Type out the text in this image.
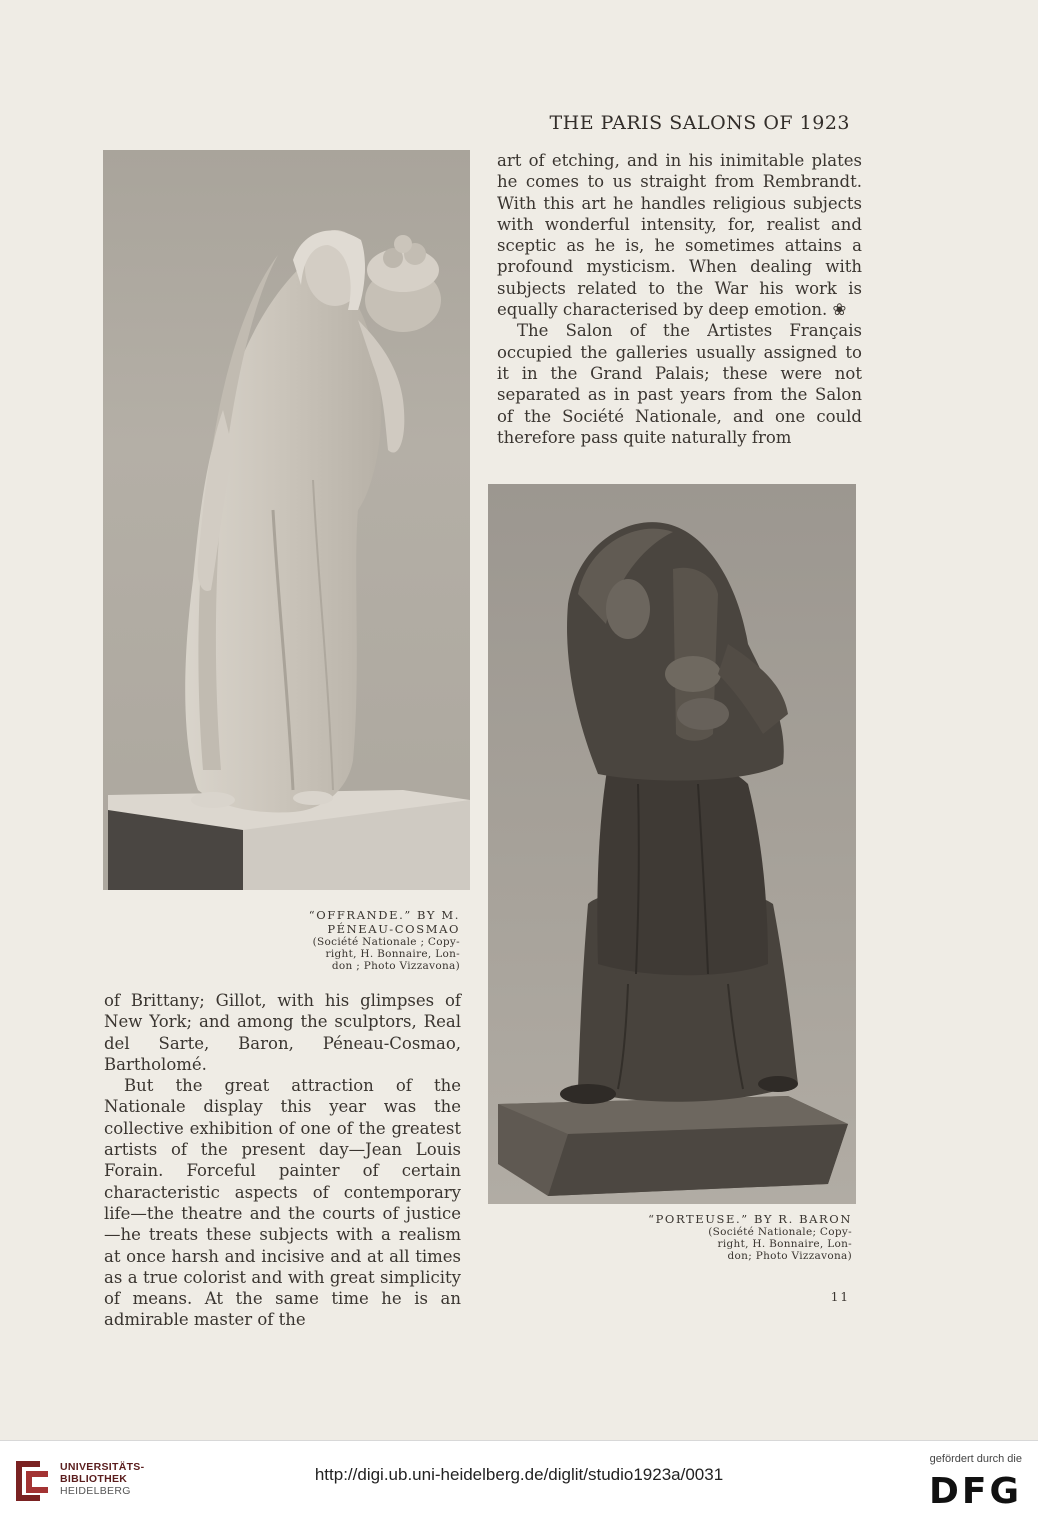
THE PARIS SALONS OF 1923
“OFFRANDE.” BY M.
PÉNEAU-COSMAO
(Société Nationale ; Copy-
right, H. Bonnaire, Lon-
don ; Photo Vizzavona)

art of etching, and in his inimitable plates he comes to us straight from Rembrandt. With this art he handles religious subjects with wonderful intensity, for, realist and sceptic as he is, he sometimes attains a profound mysticism. When dealing with subjects related to the War his work is equally characterised by deep emotion. ❀

The Salon of the Artistes Français occupied the galleries usually assigned to it in the Grand Palais; these were not separated as in past years from the Salon of the Société Nationale, and one could therefore pass quite naturally from

“PORTEUSE.” BY R. BARON
(Société Nationale; Copy-
right, H. Bonnaire, Lon-
don; Photo Vizzavona)

of Brittany; Gillot, with his glimpses of New York; and among the sculptors, Real del Sarte, Baron, Péneau-Cosmao, Bartholomé.

But the great attraction of the Nationale display this year was the collective exhibition of one of the greatest artists of the present day—Jean Louis Forain. Forceful painter of certain characteristic aspects of contemporary life—the theatre and the courts of justice—he treats these subjects with a realism at once harsh and incisive and at all times as a true colorist and with great simplicity of means. At the same time he is an admirable master of the

11
UNIVERSITÄTS-
BIBLIOTHEK
HEIDELBERG
http://digi.ub.uni-heidelberg.de/diglit/studio1923a/0031
gefördert durch die
DFG
